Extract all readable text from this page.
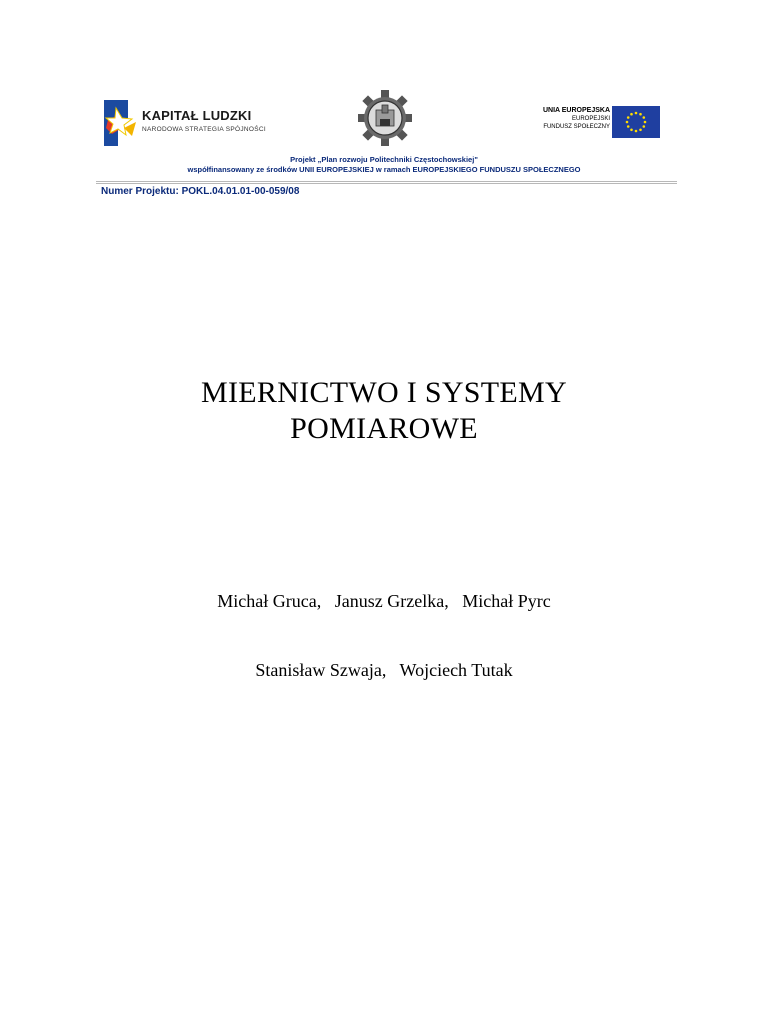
KAPITAŁ LUDZKI
NARODOWA STRATEGIA SPÓJNOŚCI
UNIA EUROPEJSKA
EUROPEJSKI
FUNDUSZ SPOŁECZNY
Projekt „Plan rozwoju Politechniki Częstochowskiej"
współfinansowany ze środków UNII EUROPEJSKIEJ w ramach EUROPEJSKIEGO FUNDUSZU SPOŁECZNEGO
Numer Projektu: POKL.04.01.01-00-059/08
MIERNICTWO I SYSTEMY
POMIAROWE

Michał Gruca,   Janusz Grzelka,   Michał Pyrc

Stanisław Szwaja,   Wojciech Tutak
